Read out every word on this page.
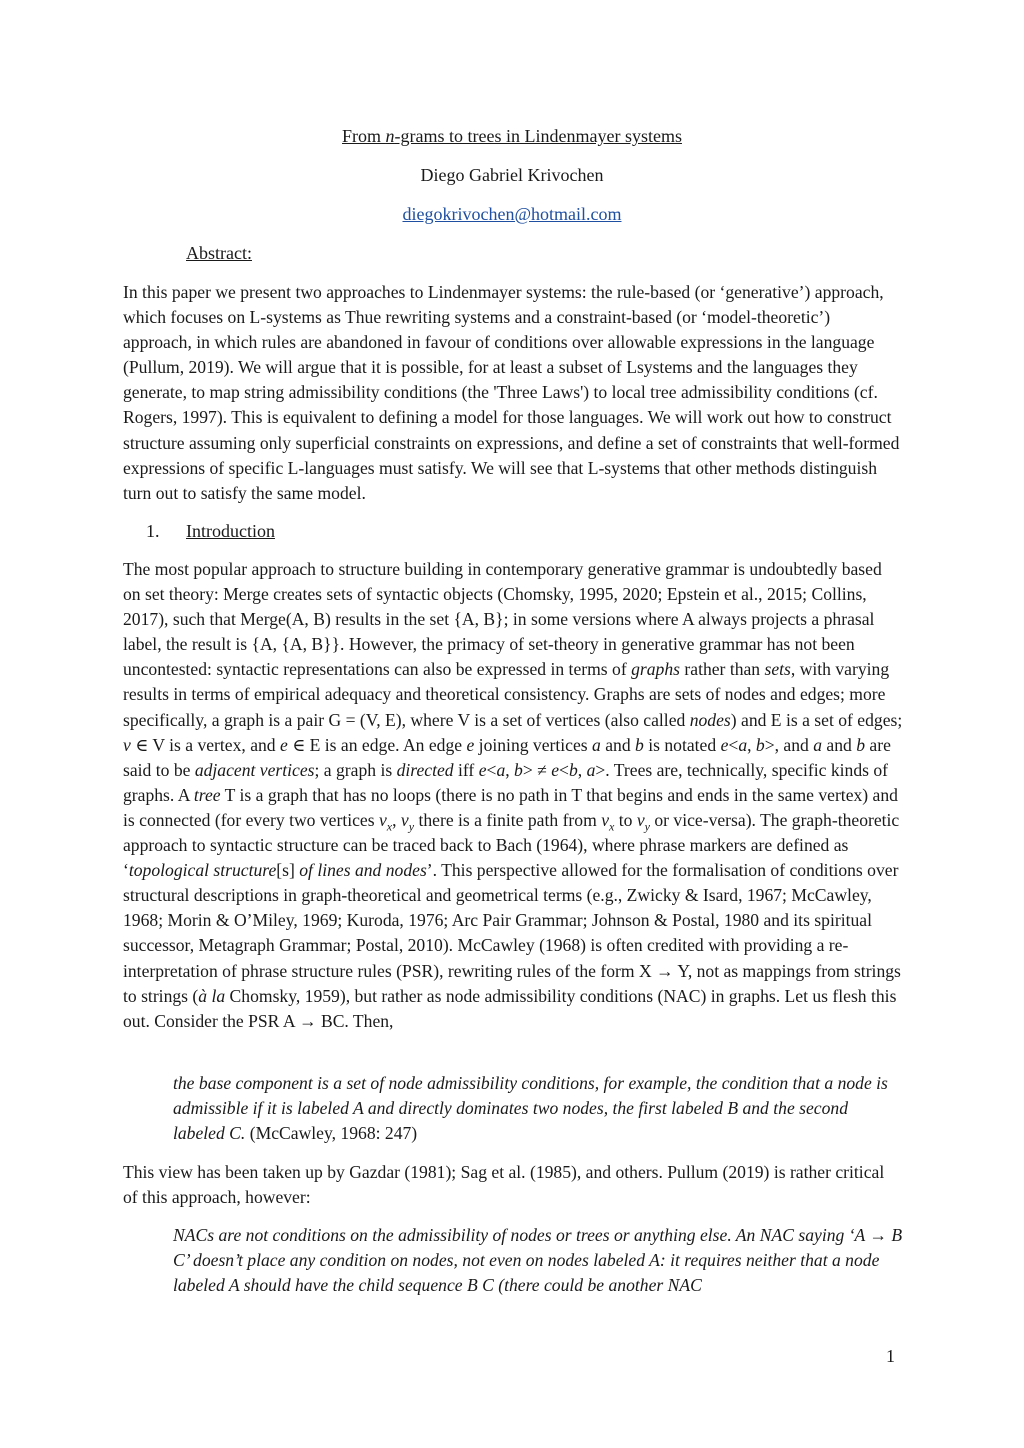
From n-grams to trees in Lindenmayer systems
Diego Gabriel Krivochen
diegokrivochen@hotmail.com
Abstract:
In this paper we present two approaches to Lindenmayer systems: the rule-based (or ‘generative’) approach, which focuses on L-systems as Thue rewriting systems and a constraint-based (or ‘model-theoretic’) approach, in which rules are abandoned in favour of conditions over allowable expressions in the language (Pullum, 2019). We will argue that it is possible, for at least a subset of Lsystems and the languages they generate, to map string admissibility conditions (the 'Three Laws') to local tree admissibility conditions (cf. Rogers, 1997). This is equivalent to defining a model for those languages. We will work out how to construct structure assuming only superficial constraints on expressions, and define a set of constraints that well-formed expressions of specific L-languages must satisfy. We will see that L-systems that other methods distinguish turn out to satisfy the same model.
1. Introduction
The most popular approach to structure building in contemporary generative grammar is undoubtedly based on set theory: Merge creates sets of syntactic objects (Chomsky, 1995, 2020; Epstein et al., 2015; Collins, 2017), such that Merge(A, B) results in the set {A, B}; in some versions where A always projects a phrasal label, the result is {A, {A, B}}. However, the primacy of set-theory in generative grammar has not been uncontested: syntactic representations can also be expressed in terms of graphs rather than sets, with varying results in terms of empirical adequacy and theoretical consistency. Graphs are sets of nodes and edges; more specifically, a graph is a pair G = (V, E), where V is a set of vertices (also called nodes) and E is a set of edges; v ∈ V is a vertex, and e ∈ E is an edge. An edge e joining vertices a and b is notated e<a, b>, and a and b are said to be adjacent vertices; a graph is directed iff e<a, b> ≠ e<b, a>. Trees are, technically, specific kinds of graphs. A tree T is a graph that has no loops (there is no path in T that begins and ends in the same vertex) and is connected (for every two vertices $v_x$, $v_y$ there is a finite path from $v_x$ to $v_y$ or vice-versa). The graph-theoretic approach to syntactic structure can be traced back to Bach (1964), where phrase markers are defined as ‘topological structure[s] of lines and nodes’. This perspective allowed for the formalisation of conditions over structural descriptions in graph-theoretical and geometrical terms (e.g., Zwicky & Isard, 1967; McCawley, 1968; Morin & O’Miley, 1969; Kuroda, 1976; Arc Pair Grammar; Johnson & Postal, 1980 and its spiritual successor, Metagraph Grammar; Postal, 2010). McCawley (1968) is often credited with providing a re-interpretation of phrase structure rules (PSR), rewriting rules of the form X → Y, not as mappings from strings to strings (à la Chomsky, 1959), but rather as node admissibility conditions (NAC) in graphs. Let us flesh this out. Consider the PSR A → BC. Then,
the base component is a set of node admissibility conditions, for example, the condition that a node is admissible if it is labeled A and directly dominates two nodes, the first labeled B and the second labeled C. (McCawley, 1968: 247)
This view has been taken up by Gazdar (1981); Sag et al. (1985), and others. Pullum (2019) is rather critical of this approach, however:
NACs are not conditions on the admissibility of nodes or trees or anything else. An NAC saying ‘A → B C’ doesn’t place any condition on nodes, not even on nodes labeled A: it requires neither that a node labeled A should have the child sequence B C (there could be another NAC
1
